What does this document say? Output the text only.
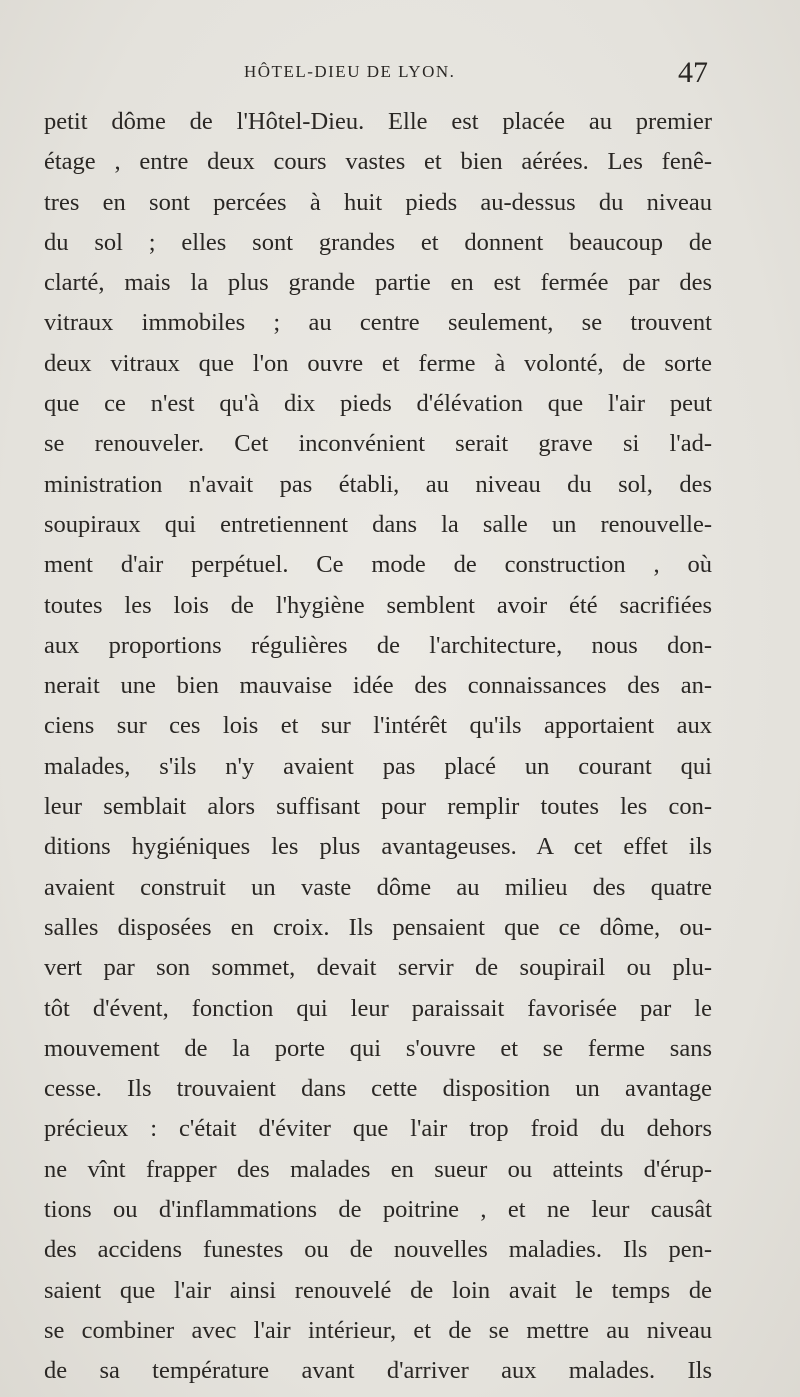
HÔTEL-DIEU DE LYON.	47
petit dôme de l'Hôtel-Dieu. Elle est placée au premier
étage , entre deux cours vastes et bien aérées. Les fenê-
tres en sont percées à huit pieds au-dessus du niveau
du sol ; elles sont grandes et donnent beaucoup de
clarté, mais la plus grande partie en est fermée par des
vitraux immobiles ; au centre seulement, se trouvent
deux vitraux que l'on ouvre et ferme à volonté, de sorte
que ce n'est qu'à dix pieds d'élévation que l'air peut
se renouveler. Cet inconvénient serait grave si l'ad-
ministration n'avait pas établi, au niveau du sol, des
soupiraux qui entretiennent dans la salle un renouvelle-
ment d'air perpétuel. Ce mode de construction , où
toutes les lois de l'hygiène semblent avoir été sacrifiées
aux proportions régulières de l'architecture, nous don-
nerait une bien mauvaise idée des connaissances des an-
ciens sur ces lois et sur l'intérêt qu'ils apportaient aux
malades, s'ils n'y avaient pas placé un courant qui
leur semblait alors suffisant pour remplir toutes les con-
ditions hygiéniques les plus avantageuses. A cet effet ils
avaient construit un vaste dôme au milieu des quatre
salles disposées en croix. Ils pensaient que ce dôme, ou-
vert par son sommet, devait servir de soupirail ou plu-
tôt d'évent, fonction qui leur paraissait favorisée par le
mouvement de la porte qui s'ouvre et se ferme sans
cesse. Ils trouvaient dans cette disposition un avantage
précieux : c'était d'éviter que l'air trop froid du dehors
ne vînt frapper des malades en sueur ou atteints d'érup-
tions ou d'inflammations de poitrine , et ne leur causât
des accidens funestes ou de nouvelles maladies. Ils pen-
saient que l'air ainsi renouvelé de loin avait le temps de
se combiner avec l'air intérieur, et de se mettre au niveau
de sa température avant d'arriver aux malades. Ils
